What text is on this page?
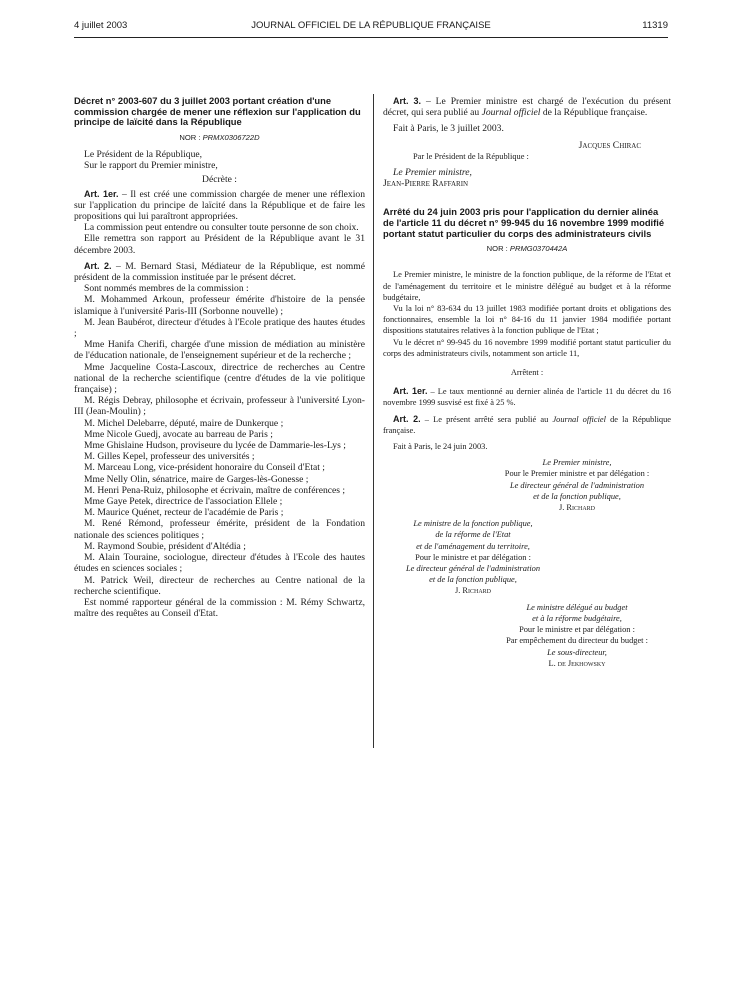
4 juillet 2003	JOURNAL OFFICIEL DE LA RÉPUBLIQUE FRANÇAISE	11319
Décret n° 2003-607 du 3 juillet 2003 portant création d'une commission chargée de mener une réflexion sur l'application du principe de laïcité dans la République
NOR : PRMX0306722D

Le Président de la République,

Sur le rapport du Premier ministre,

Décrète :

Art. 1er. – Il est créé une commission chargée de mener une réflexion sur l'application du principe de laïcité dans la République et de faire les propositions qui lui paraîtront appropriées.

La commission peut entendre ou consulter toute personne de son choix.

Elle remettra son rapport au Président de la République avant le 31 décembre 2003.

Art. 2. – M. Bernard Stasi, Médiateur de la République, est nommé président de la commission instituée par le présent décret.

Sont nommés membres de la commission :

M. Mohammed Arkoun, professeur émérite d'histoire de la pensée islamique à l'université Paris-III (Sorbonne nouvelle) ;

M. Jean Baubérot, directeur d'études à l'Ecole pratique des hautes études ;

Mme Hanifa Cherifi, chargée d'une mission de médiation au ministère de l'éducation nationale, de l'enseignement supérieur et de la recherche ;

Mme Jacqueline Costa-Lascoux, directrice de recherches au Centre national de la recherche scientifique (centre d'études de la vie politique française) ;

M. Régis Debray, philosophe et écrivain, professeur à l'université Lyon-III (Jean-Moulin) ;

M. Michel Delebarre, député, maire de Dunkerque ;

Mme Nicole Guedj, avocate au barreau de Paris ;

Mme Ghislaine Hudson, proviseure du lycée de Dammarie-les-Lys ;

M. Gilles Kepel, professeur des universités ;

M. Marceau Long, vice-président honoraire du Conseil d'Etat ;

Mme Nelly Olin, sénatrice, maire de Garges-lès-Gonesse ;

M. Henri Pena-Ruiz, philosophe et écrivain, maître de conférences ;

Mme Gaye Petek, directrice de l'association Ellele ;

M. Maurice Quénet, recteur de l'académie de Paris ;

M. René Rémond, professeur émérite, président de la Fondation nationale des sciences politiques ;

M. Raymond Soubie, président d'Altédia ;

M. Alain Touraine, sociologue, directeur d'études à l'Ecole des hautes études en sciences sociales ;

M. Patrick Weil, directeur de recherches au Centre national de la recherche scientifique.

Est nommé rapporteur général de la commission : M. Rémy Schwartz, maître des requêtes au Conseil d'Etat.

Art. 3. – Le Premier ministre est chargé de l'exécution du présent décret, qui sera publié au Journal officiel de la République française.

Fait à Paris, le 3 juillet 2003.

Jacques Chirac

Par le Président de la République :

Le Premier ministre,

Jean-Pierre Raffarin

Arrêté du 24 juin 2003 pris pour l'application du dernier alinéa de l'article 11 du décret n° 99-945 du 16 novembre 1999 modifié portant statut particulier du corps des administrateurs civils
NOR : PRMG0370442A

Le Premier ministre, le ministre de la fonction publique, de la réforme de l'Etat et de l'aménagement du territoire et le ministre délégué au budget et à la réforme budgétaire,

Vu la loi n° 83-634 du 13 juillet 1983 modifiée portant droits et obligations des fonctionnaires, ensemble la loi n° 84-16 du 11 janvier 1984 modifiée portant dispositions statutaires relatives à la fonction publique de l'Etat ;

Vu le décret n° 99-945 du 16 novembre 1999 modifié portant statut particulier du corps des administrateurs civils, notamment son article 11,

Arrêtent :

Art. 1er. – Le taux mentionné au dernier alinéa de l'article 11 du décret du 16 novembre 1999 susvisé est fixé à 25 %.

Art. 2. – Le présent arrêté sera publié au Journal officiel de la République française.

Fait à Paris, le 24 juin 2003.

Le Premier ministre,

Pour le Premier ministre et par délégation :

Le directeur général de l'administration

et de la fonction publique,

J. Richard

Le ministre de la fonction publique,

de la réforme de l'Etat

et de l'aménagement du territoire,

Pour le ministre et par délégation :

Le directeur général de l'administration

et de la fonction publique,

J. Richard

Le ministre délégué au budget

et à la réforme budgétaire,

Pour le ministre et par délégation :

Par empêchement du directeur du budget :

Le sous-directeur,

L. de Jekhowsky
